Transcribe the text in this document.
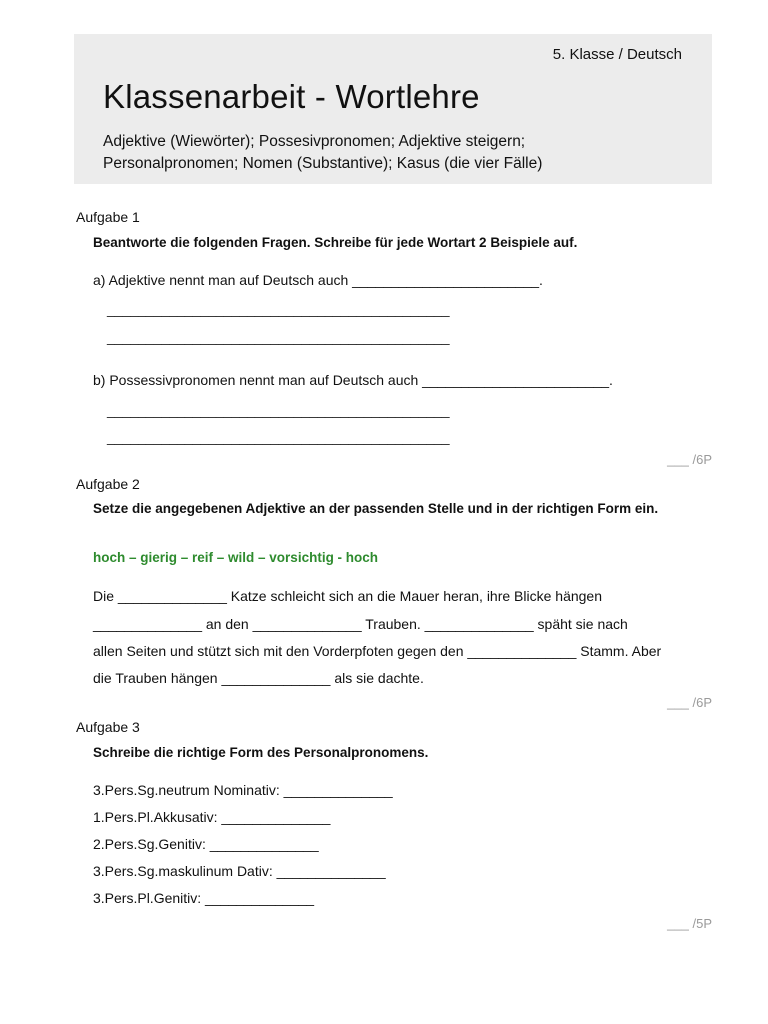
5. Klasse / Deutsch
Klassenarbeit - Wortlehre
Adjektive (Wiewörter); Possesivpronomen; Adjektive steigern; Personalpronomen; Nomen (Substantive); Kasus (die vier Fälle)
Aufgabe 1
Beantworte die folgenden Fragen. Schreibe für jede Wortart 2 Beispiele auf.
a) Adjektive nennt man auf Deutsch auch ________________________.
____________________________________________
____________________________________________
b) Possessivpronomen nennt man auf Deutsch auch ________________________.
____________________________________________
____________________________________________
___ /6P
Aufgabe 2
Setze die angegebenen Adjektive an der passenden Stelle und in der richtigen Form ein.
hoch – gierig – reif – wild – vorsichtig - hoch
Die ______________ Katze schleicht sich an die Mauer heran, ihre Blicke hängen
______________ an den ______________ Trauben. ______________ späht sie nach
allen Seiten und stützt sich mit den Vorderpfoten gegen den ______________ Stamm. Aber
die Trauben hängen ______________ als sie dachte.
___ /6P
Aufgabe 3
Schreibe die richtige Form des Personalpronomens.
3.Pers.Sg.neutrum Nominativ: ______________
1.Pers.Pl.Akkusativ: ______________
2.Pers.Sg.Genitiv: ______________
3.Pers.Sg.maskulinum Dativ: ______________
3.Pers.Pl.Genitiv: ______________
___ /5P
